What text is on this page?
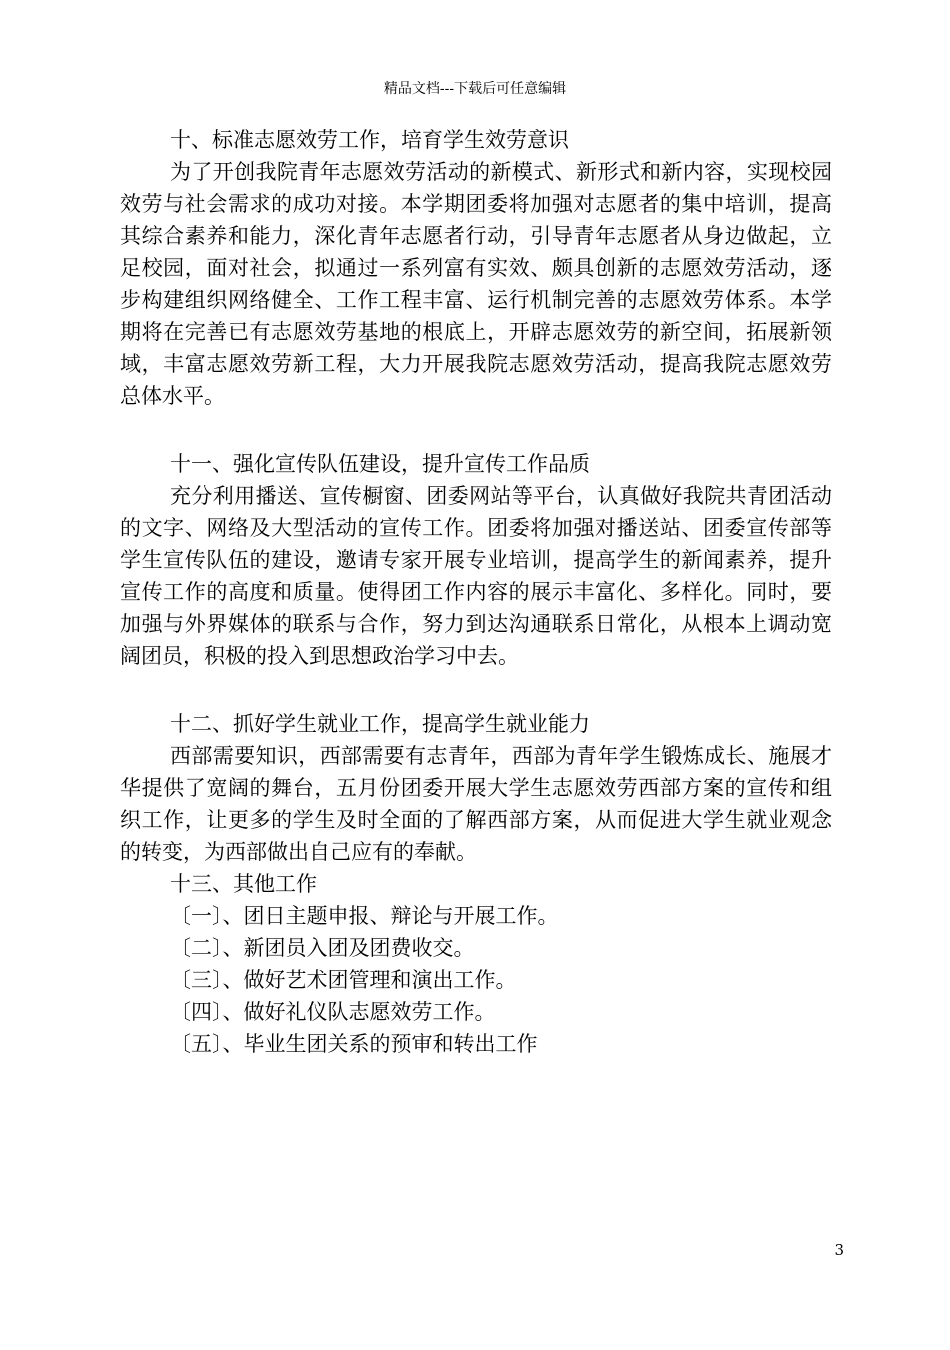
精品文档---下载后可任意编辑

十、标准志愿效劳工作，培育学生效劳意识

为了开创我院青年志愿效劳活动的新模式、新形式和新内容，实现校园效劳与社会需求的成功对接。本学期团委将加强对志愿者的集中培训，提高其综合素养和能力，深化青年志愿者行动，引导青年志愿者从身边做起，立足校园，面对社会，拟通过一系列富有实效、颇具创新的志愿效劳活动，逐步构建组织网络健全、工作工程丰富、运行机制完善的志愿效劳体系。本学期将在完善已有志愿效劳基地的根底上，开辟志愿效劳的新空间，拓展新领域，丰富志愿效劳新工程，大力开展我院志愿效劳活动，提高我院志愿效劳总体水平。

十一、强化宣传队伍建设，提升宣传工作品质

充分利用播送、宣传橱窗、团委网站等平台，认真做好我院共青团活动的文字、网络及大型活动的宣传工作。团委将加强对播送站、团委宣传部等学生宣传队伍的建设，邀请专家开展专业培训，提高学生的新闻素养，提升宣传工作的高度和质量。使得团工作内容的展示丰富化、多样化。同时，要加强与外界媒体的联系与合作，努力到达沟通联系日常化，从根本上调动宽阔团员，积极的投入到思想政治学习中去。

十二、抓好学生就业工作，提高学生就业能力

西部需要知识，西部需要有志青年，西部为青年学生锻炼成长、施展才华提供了宽阔的舞台，五月份团委开展大学生志愿效劳西部方案的宣传和组织工作，让更多的学生及时全面的了解西部方案，从而促进大学生就业观念的转变，为西部做出自己应有的奉献。

十三、其他工作

〔一〕、团日主题申报、辩论与开展工作。

〔二〕、新团员入团及团费收交。

〔三〕、做好艺术团管理和演出工作。

〔四〕、做好礼仪队志愿效劳工作。

〔五〕、毕业生团关系的预审和转出工作

3
